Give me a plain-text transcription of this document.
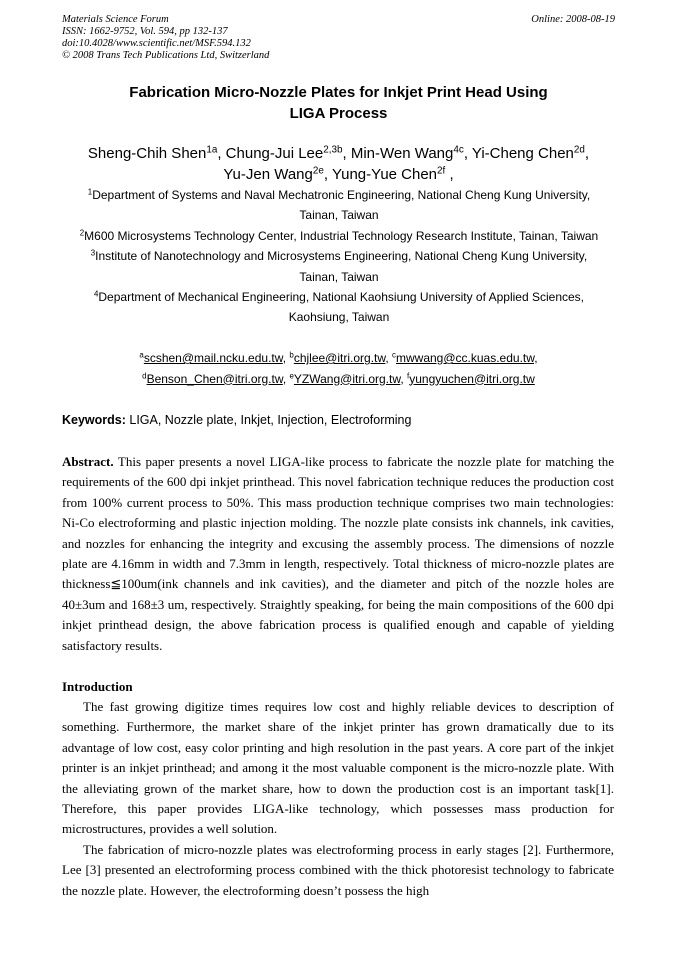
Materials Science Forum
ISSN: 1662-9752, Vol. 594, pp 132-137
doi:10.4028/www.scientific.net/MSF.594.132
© 2008 Trans Tech Publications Ltd, Switzerland
Online: 2008-08-19
Fabrication Micro-Nozzle Plates for Inkjet Print Head Using
LIGA Process
Sheng-Chih Shen$^{1a}$, Chung-Jui Lee$^{2,3b}$, Min-Wen Wang$^{4c}$, Yi-Cheng Chen$^{2d}$,
Yu-Jen Wang$^{2e}$, Yung-Yue Chen$^{2f}$ ,
$^1$Department of Systems and Naval Mechatronic Engineering, National Cheng Kung University,
Tainan, Taiwan
$^2$M600 Microsystems Technology Center, Industrial Technology Research Institute, Tainan, Taiwan
$^3$Institute of Nanotechnology and Microsystems Engineering, National Cheng Kung University,
Tainan, Taiwan
$^4$Department of Mechanical Engineering, National Kaohsiung University of Applied Sciences,
Kaohsiung, Taiwan
$^a$scshen@mail.ncku.edu.tw, $^b$chjlee@itri.org.tw, $^c$mwwang@cc.kuas.edu.tw,
$^d$Benson_Chen@itri.org.tw, $^e$YZWang@itri.org.tw, $^f$yungyuchen@itri.org.tw
Keywords: LIGA, Nozzle plate, Inkjet, Injection, Electroforming
Abstract. This paper presents a novel LIGA-like process to fabricate the nozzle plate for matching the requirements of the 600 dpi inkjet printhead. This novel fabrication technique reduces the production cost from 100% current process to 50%. This mass production technique comprises two main technologies: Ni-Co electroforming and plastic injection molding. The nozzle plate consists ink channels, ink cavities, and nozzles for enhancing the integrity and excusing the assembly process. The dimensions of nozzle plate are 4.16mm in width and 7.3mm in length, respectively. Total thickness of micro-nozzle plates are thickness≦100um(ink channels and ink cavities), and the diameter and pitch of the nozzle holes are 40±3um and 168±3 um, respectively. Straightly speaking, for being the main compositions of the 600 dpi inkjet printhead design, the above fabrication process is qualified enough and capable of yielding satisfactory results.
Introduction

The fast growing digitize times requires low cost and highly reliable devices to description of something. Furthermore, the market share of the inkjet printer has grown dramatically due to its advantage of low cost, easy color printing and high resolution in the past years. A core part of the inkjet printer is an inkjet printhead; and among it the most valuable component is the micro-nozzle plate. With the alleviating grown of the market share, how to down the production cost is an important task[1]. Therefore, this paper provides LIGA-like technology, which possesses mass production for microstructures, provides a well solution.

The fabrication of micro-nozzle plates was electroforming process in early stages [2]. Furthermore, Lee [3] presented an electroforming process combined with the thick photoresist technology to fabricate the nozzle plate. However, the electroforming doesn’t possess the high
